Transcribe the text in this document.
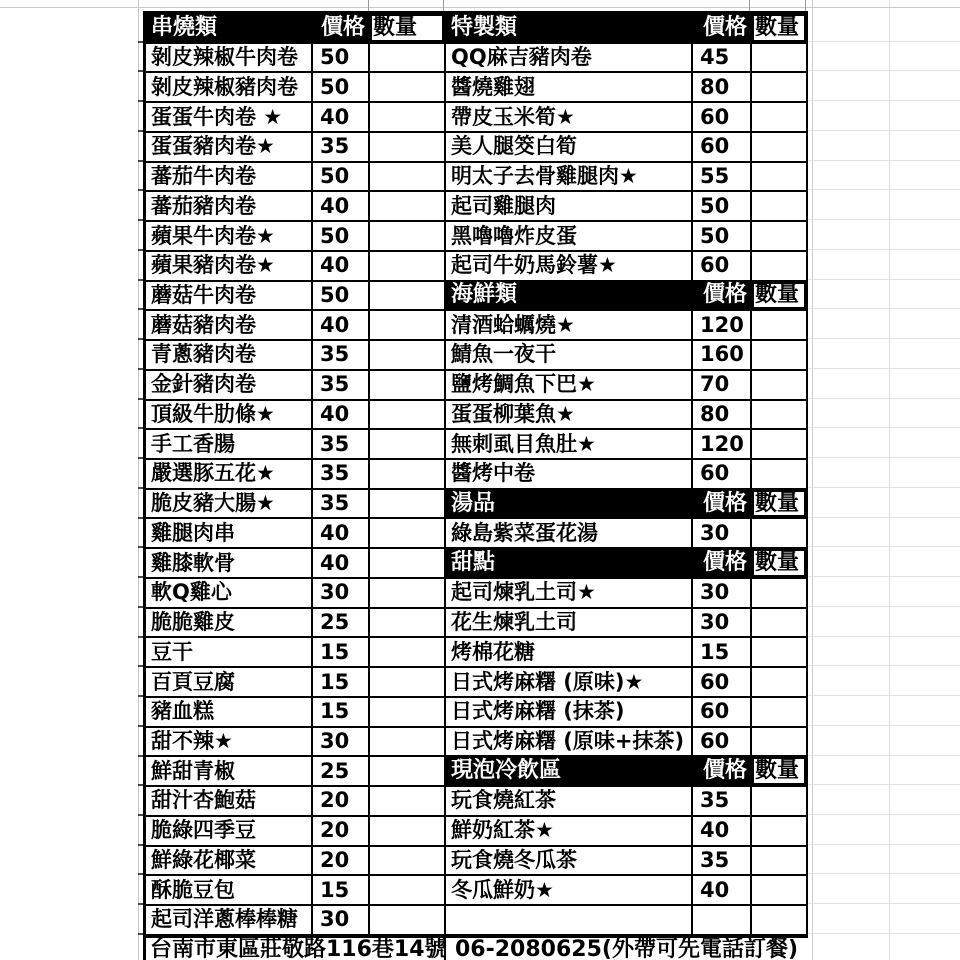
串燒類	價格 數量 特製類	價格 數量
剝皮辣椒牛肉卷 50	QQ麻吉豬肉卷	45
剝皮辣椒豬肉卷 50	醬燒雞翅	80
蛋蛋牛肉卷 ★ 40	帶皮玉米筍★	60
蛋蛋豬肉卷★ 35	美人腿筊白筍	60
蕃茄牛肉卷	50	明太子去骨雞腿肉★	55
蕃茄豬肉卷	40	起司雞腿肉	50
蘋果牛肉卷★ 50	黑嚕嚕炸皮蛋	50
蘋果豬肉卷★ 40	起司牛奶馬鈴薯★	60
蘑菇牛肉卷	50	海鮮類	價格 數量
蘑菇豬肉卷	40	清酒蛤蠣燒★	120
青蔥豬肉卷	35	鯖魚一夜干	160
金針豬肉卷	35	鹽烤鯛魚下巴★	70
頂級牛肋條★ 40	蛋蛋柳葉魚★	80
手工香腸	35	無刺虱目魚肚★	120
嚴選豚五花★ 35	醬烤中卷	60
脆皮豬大腸★ 35	湯品	價格 數量
雞腿肉串	40	綠島紫菜蛋花湯	30
雞膝軟骨	40	甜點	價格 數量
軟Q雞心	30	起司煉乳土司★	30
脆脆雞皮	25	花生煉乳土司	30
豆干	15	烤棉花糖	15
百頁豆腐	15	日式烤麻糬 (原味)★	60
豬血糕	15	日式烤麻糬 (抹茶)	60
甜不辣★	30	日式烤麻糬 (原味+抹茶) 60
鮮甜青椒	25	現泡冷飲區	價格 數量
甜汁杏鮑菇	20	玩食燒紅茶	35
脆綠四季豆	20	鮮奶紅茶★	40
鮮綠花椰菜	20	玩食燒冬瓜茶	35
酥脆豆包	15	冬瓜鮮奶★	40
起司洋蔥棒棒糖 30
台南市東區莊敬路116巷14號 06-2080625(外帶可先電話訂餐)
